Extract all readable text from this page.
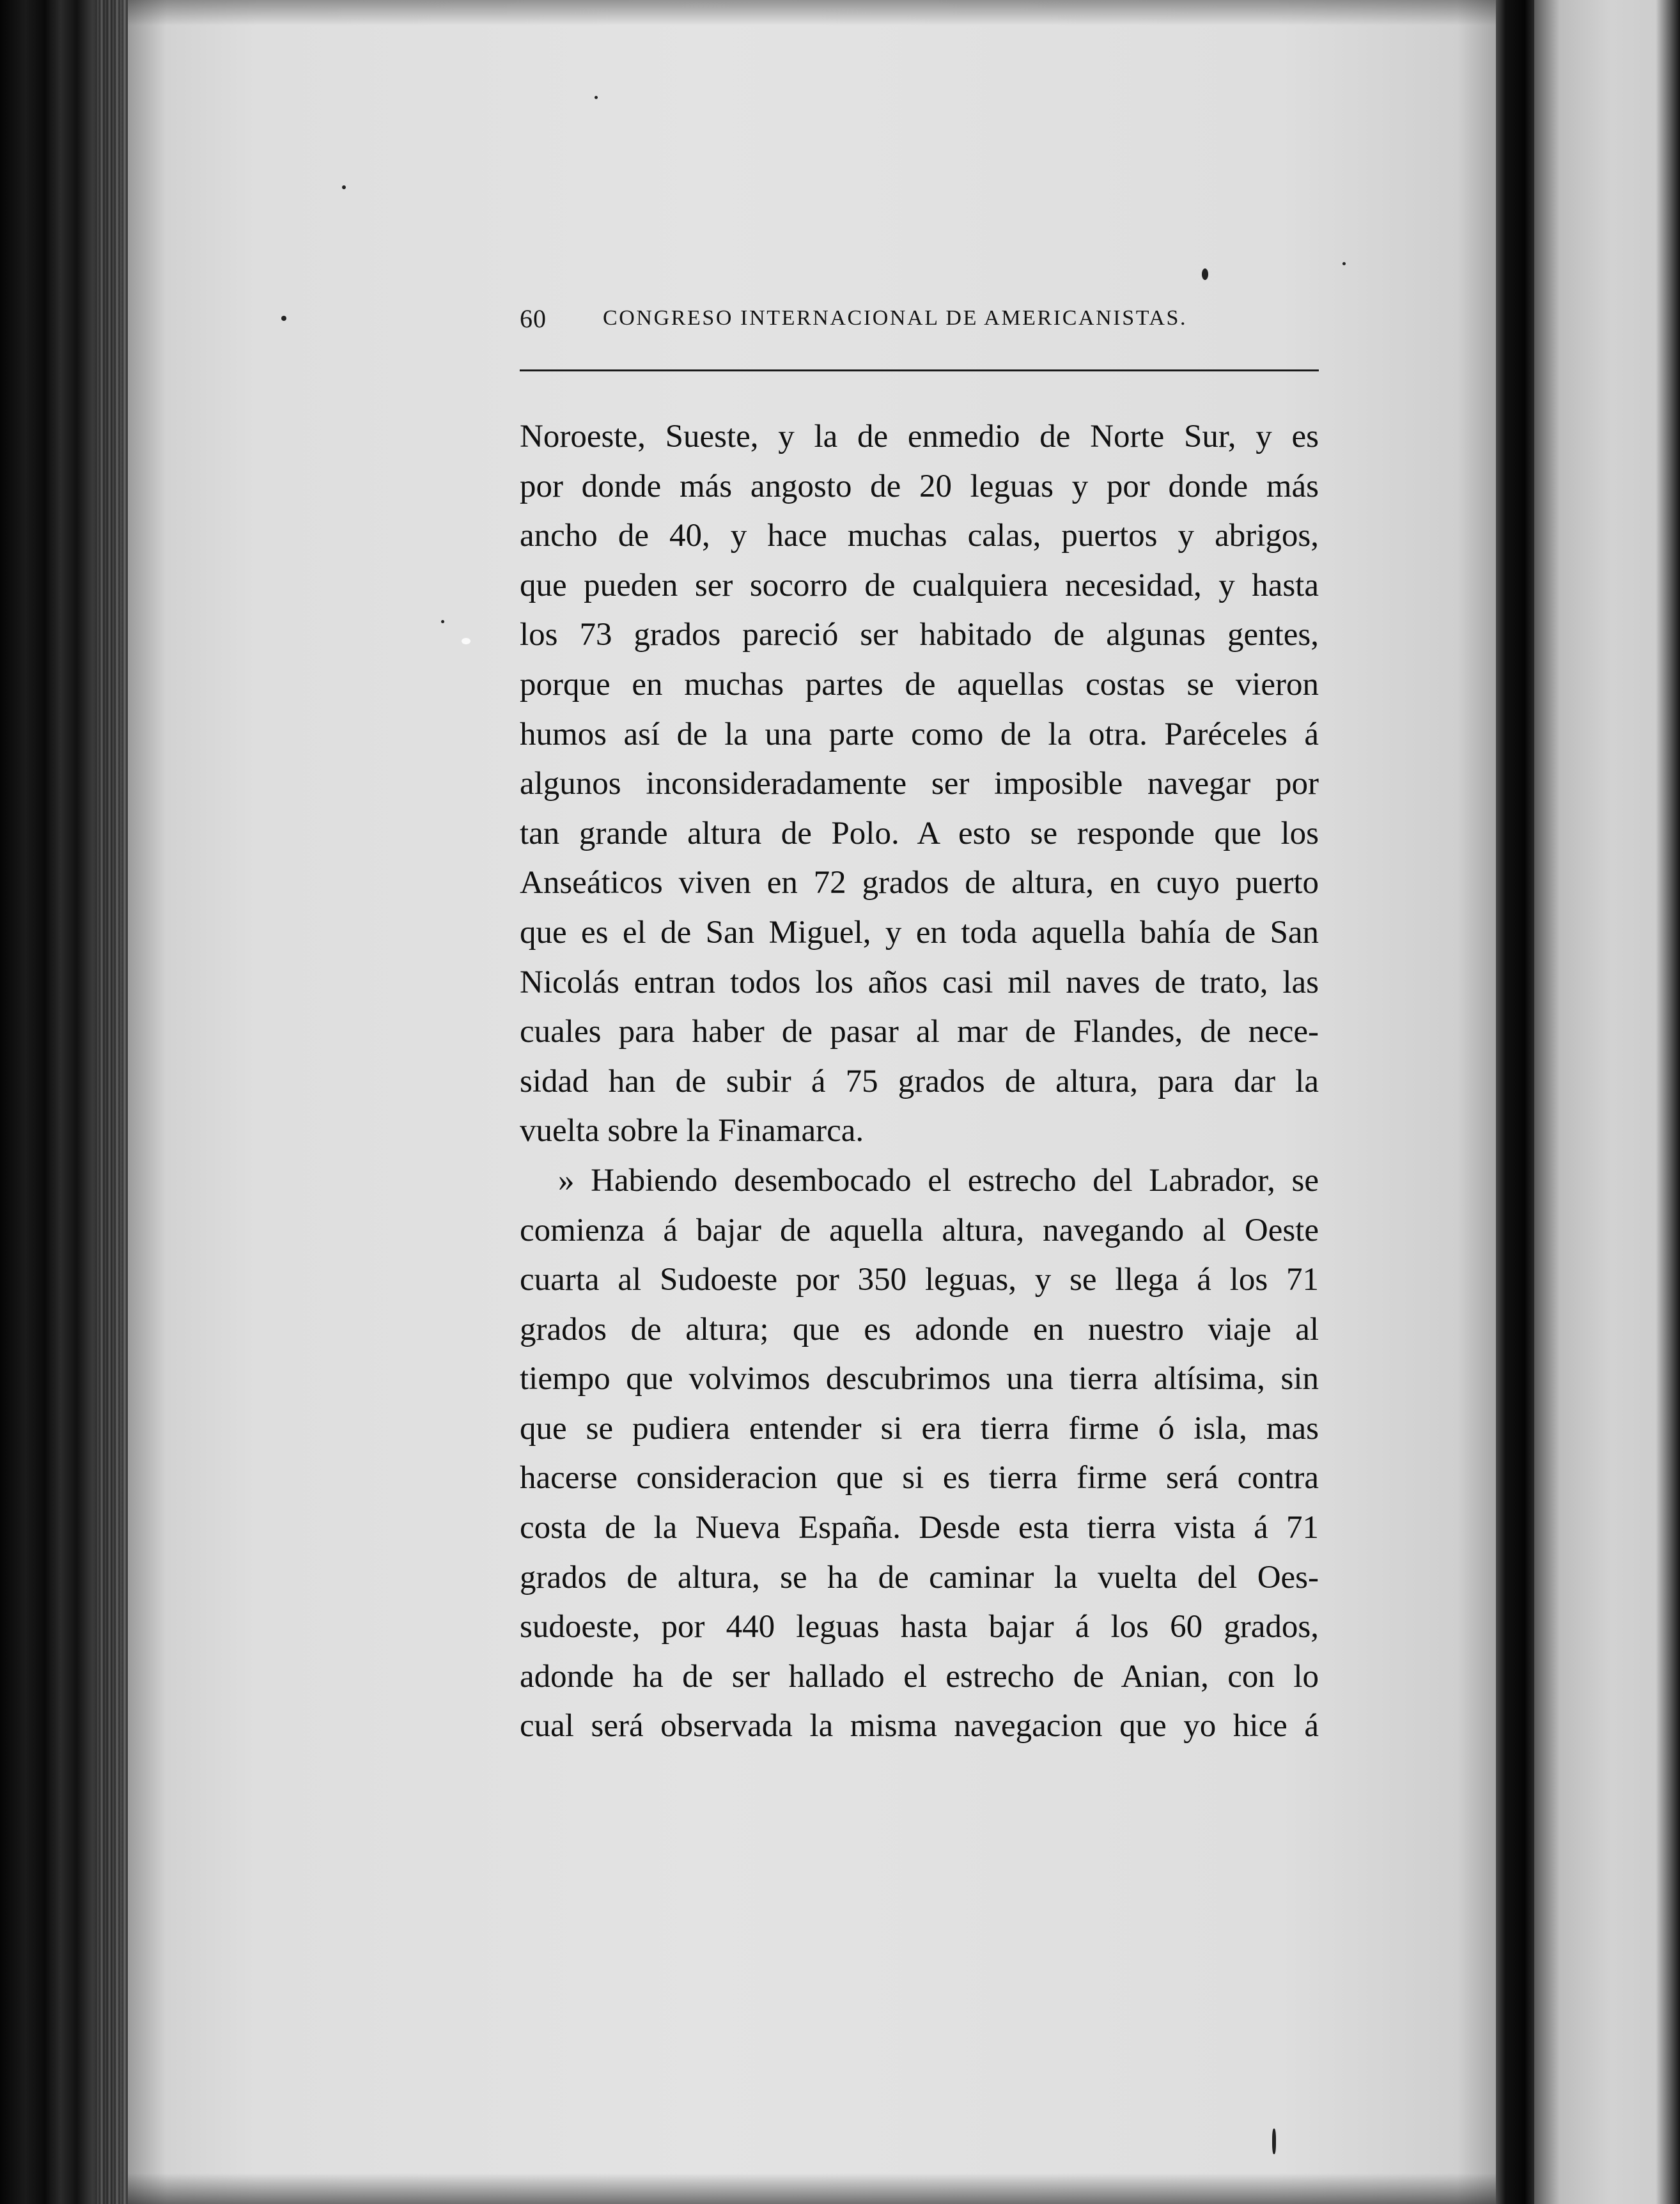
60	CONGRESO INTERNACIONAL DE AMERICANISTAS.
Noroeste, Sueste, y la de enmedio de Norte Sur, y es
por donde más angosto de 20 leguas y por donde más
ancho de 40, y hace muchas calas, puertos y abrigos,
que pueden ser socorro de cualquiera necesidad, y hasta
los 73 grados pareció ser habitado de algunas gentes,
porque en muchas partes de aquellas costas se vieron
humos así de la una parte como de la otra. Paréceles á
algunos inconsideradamente ser imposible navegar por
tan grande altura de Polo. A esto se responde que los
Anseáticos viven en 72 grados de altura, en cuyo puerto
que es el de San Miguel, y en toda aquella bahía de San
Nicolás entran todos los años casi mil naves de trato, las
cuales para haber de pasar al mar de Flandes, de nece-
sidad han de subir á 75 grados de altura, para dar la
vuelta sobre la Finamarca.
» Habiendo desembocado el estrecho del Labrador, se
comienza á bajar de aquella altura, navegando al Oeste
cuarta al Sudoeste por 350 leguas, y se llega á los 71
grados de altura; que es adonde en nuestro viaje al
tiempo que volvimos descubrimos una tierra altísima, sin
que se pudiera entender si era tierra firme ó isla, mas
hacerse consideracion que si es tierra firme será contra
costa de la Nueva España. Desde esta tierra vista á 71
grados de altura, se ha de caminar la vuelta del Oes-
sudoeste, por 440 leguas hasta bajar á los 60 grados,
adonde ha de ser hallado el estrecho de Anian, con lo
cual será observada la misma navegacion que yo hice á
